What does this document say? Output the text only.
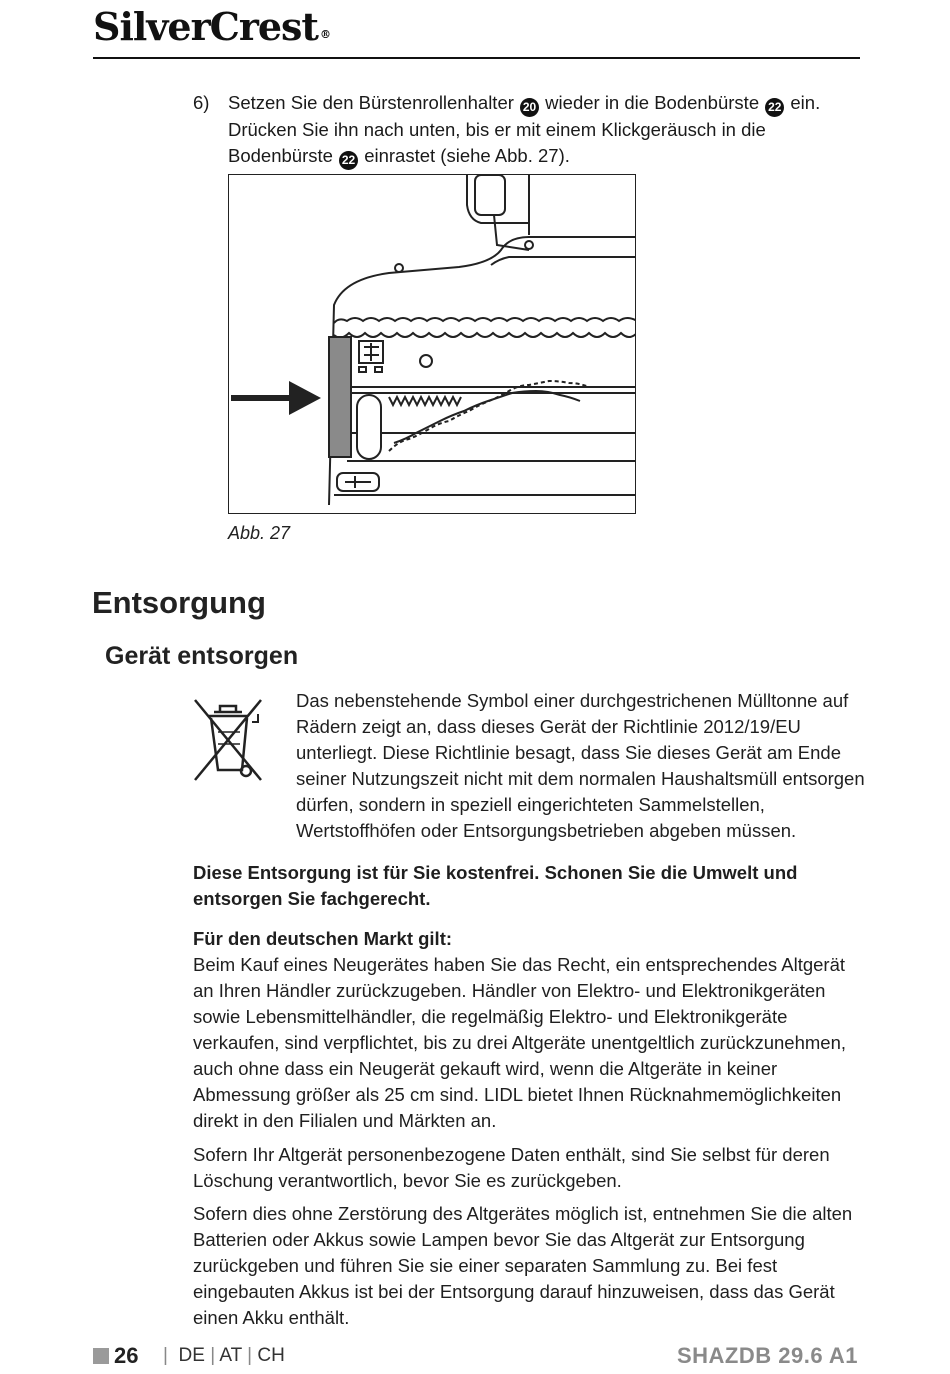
SilverCrest ®
6) Setzen Sie den Bürstenrollenhalter 20 wieder in die Bodenbürste 22 ein. Drücken Sie ihn nach unten, bis er mit einem Klickgeräusch in die Bodenbürste 22 einrastet (siehe Abb. 27).
Abb. 27
Entsorgung
Gerät entsorgen
Das nebenstehende Symbol einer durchgestrichenen Mülltonne auf Rädern zeigt an, dass dieses Gerät der Richtlinie 2012/19/EU unterliegt. Diese Richtlinie besagt, dass Sie dieses Gerät am Ende seiner Nutzungszeit nicht mit dem normalen Haushaltsmüll entsorgen dürfen, sondern in speziell eingerichteten Sammelstellen, Wertstoffhöfen oder Entsorgungsbetrieben abgeben müssen.
Diese Entsorgung ist für Sie kostenfrei. Schonen Sie die Umwelt und entsorgen Sie fachgerecht.
Für den deutschen Markt gilt:
Beim Kauf eines Neugerätes haben Sie das Recht, ein entsprechendes Altgerät an Ihren Händler zurückzugeben. Händler von Elektro- und Elektronikgeräten sowie Lebensmittelhändler, die regelmäßig Elektro- und Elektronikgeräte verkaufen, sind verpflichtet, bis zu drei Altgeräte unentgeltlich zurückzunehmen, auch ohne dass ein Neugerät gekauft wird, wenn die Altgeräte in keiner Abmessung größer als 25 cm sind. LIDL bietet Ihnen Rücknahmemöglichkeiten direkt in den Filialen und Märkten an.
Sofern Ihr Altgerät personenbezogene Daten enthält, sind Sie selbst für deren Löschung verantwortlich, bevor Sie es zurückgeben.
Sofern dies ohne Zerstörung des Altgerätes möglich ist, entnehmen Sie die alten Batterien oder Akkus sowie Lampen bevor Sie das Altgerät zur Entsorgung zurückgeben und führen Sie sie einer separaten Sammlung zu. Bei fest eingebauten Akkus ist bei der Entsorgung darauf hinzuweisen, dass das Gerät einen Akku enthält.
26 | DE | AT | CH	SHAZDB 29.6 A1
